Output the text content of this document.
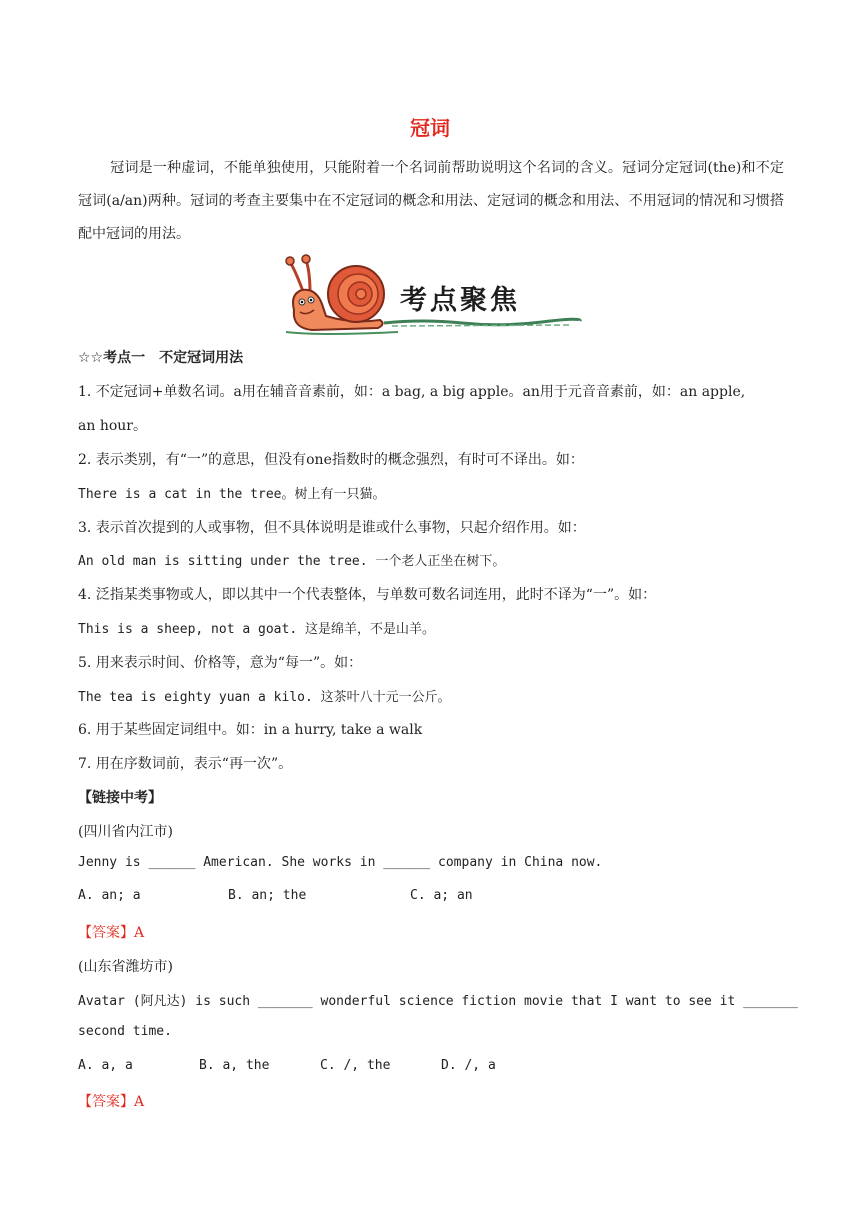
冠词
冠词是一种虚词，不能单独使用，只能附着一个名词前帮助说明这个名词的含义。冠词分定冠词(the)和不定冠词(a/an)两种。冠词的考查主要集中在不定冠词的概念和用法、定冠词的概念和用法、不用冠词的情况和习惯搭配中冠词的用法。
考点聚焦
☆☆考点一　不定冠词用法
1. 不定冠词+单数名词。a用在辅音音素前，如：a bag, a big apple。an用于元音音素前，如：an apple,
an hour。
2. 表示类别，有“一”的意思，但没有one指数时的概念强烈，有时可不译出。如：
There is a cat in the tree。树上有一只猫。
3. 表示首次提到的人或事物，但不具体说明是谁或什么事物，只起介绍作用。如：
An old man is sitting under the tree. 一个老人正坐在树下。
4. 泛指某类事物或人，即以其中一个代表整体，与单数可数名词连用，此时不译为“一”。如：
This is a sheep, not a goat. 这是绵羊，不是山羊。
5. 用来表示时间、价格等，意为“每一”。如：
The tea is eighty yuan a kilo. 这茶叶八十元一公斤。
6. 用于某些固定词组中。如：in a hurry, take a walk
7. 用在序数词前，表示“再一次”。
【链接中考】
(四川省内江市)
Jenny is ______ American. She works in ______ company in China now.
A. an; a	B. an; the	C. a; an
【答案】A
(山东省潍坊市)
Avatar (阿凡达) is such _______ wonderful science fiction movie that I want to see it _______
second time.
A. a, a	B. a, the	C. /, the	D. /, a
【答案】A
